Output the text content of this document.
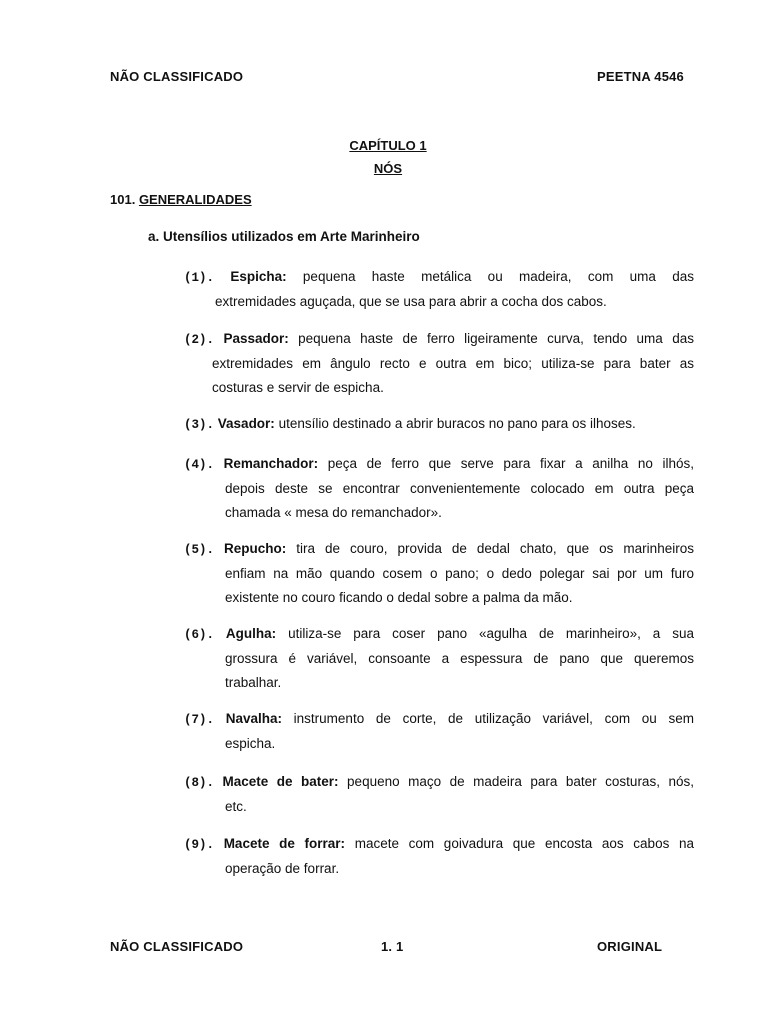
NÃO CLASSIFICADO	PEETNA 4546
CAPÍTULO 1
NÓS
101. GENERALIDADES
a. Utensílios utilizados em Arte Marinheiro
(1). Espicha: pequena haste metálica ou madeira, com uma das
extremidades aguçada, que se usa para abrir a cocha dos cabos.
(2). Passador: pequena haste de ferro ligeiramente curva, tendo uma das
extremidades em ângulo recto e outra em bico; utiliza-se para bater as
costuras e servir de espicha.
(3). Vasador: utensílio destinado a abrir buracos no pano para os ilhoses.
(4). Remanchador: peça de ferro que serve para fixar a anilha no ilhós,
depois deste se encontrar convenientemente colocado em outra peça
chamada « mesa do remanchador».
(5). Repucho: tira de couro, provida de dedal chato, que os marinheiros
enfiam na mão quando cosem o pano; o dedo polegar sai por um furo
existente no couro ficando o dedal sobre a palma da mão.
(6). Agulha: utiliza-se para coser pano «agulha de marinheiro», a sua
grossura é variável, consoante a espessura de pano que queremos
trabalhar.
(7). Navalha: instrumento de corte, de utilização variável, com ou sem
espicha.
(8). Macete de bater: pequeno maço de madeira para bater costuras, nós,
etc.
(9). Macete de forrar: macete com goivadura que encosta aos cabos na
operação de forrar.
NÃO CLASSIFICADO	1. 1	ORIGINAL
